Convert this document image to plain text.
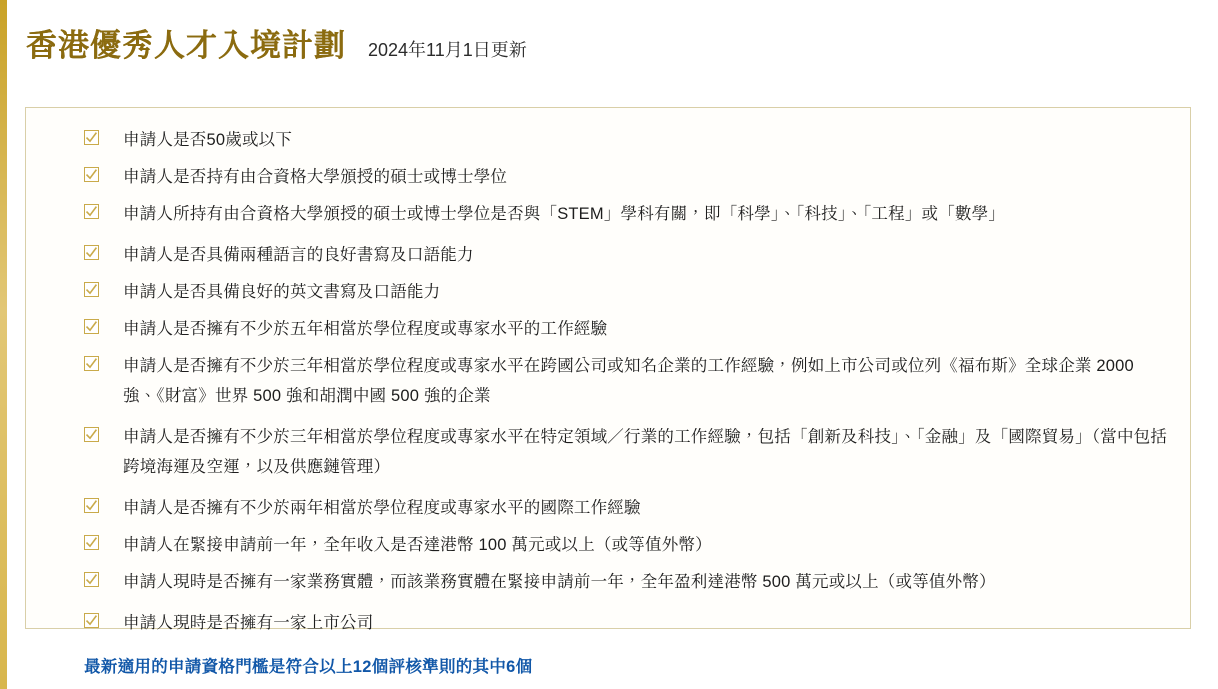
香港優秀人才入境計劃 2024年11月1日更新
申請人是否50歲或以下
申請人是否持有由合資格大學頒授的碩士或博士學位
申請人所持有由合資格大學頒授的碩士或博士學位是否與「STEM」學科有關，即「科學」、「科技」、「工程」或「數學」
申請人是否具備兩種語言的良好書寫及口語能力
申請人是否具備良好的英文書寫及口語能力
申請人是否擁有不少於五年相當於學位程度或專家水平的工作經驗
申請人是否擁有不少於三年相當於學位程度或專家水平在跨國公司或知名企業的工作經驗，例如上市公司或位列《福布斯》全球企業 2000 強、《財富》世界 500 強和胡潤中國 500 強的企業
申請人是否擁有不少於三年相當於學位程度或專家水平在特定領域／行業的工作經驗，包括「創新及科技」、「金融」及「國際貿易」（當中包括跨境海運及空運，以及供應鏈管理）
申請人是否擁有不少於兩年相當於學位程度或專家水平的國際工作經驗
申請人在緊接申請前一年，全年收入是否達港幣 100 萬元或以上（或等值外幣）
申請人現時是否擁有一家業務實體，而該業務實體在緊接申請前一年，全年盈利達港幣 500 萬元或以上（或等值外幣）
申請人現時是否擁有一家上市公司
最新適用的申請資格門檻是符合以上12個評核準則的其中6個
